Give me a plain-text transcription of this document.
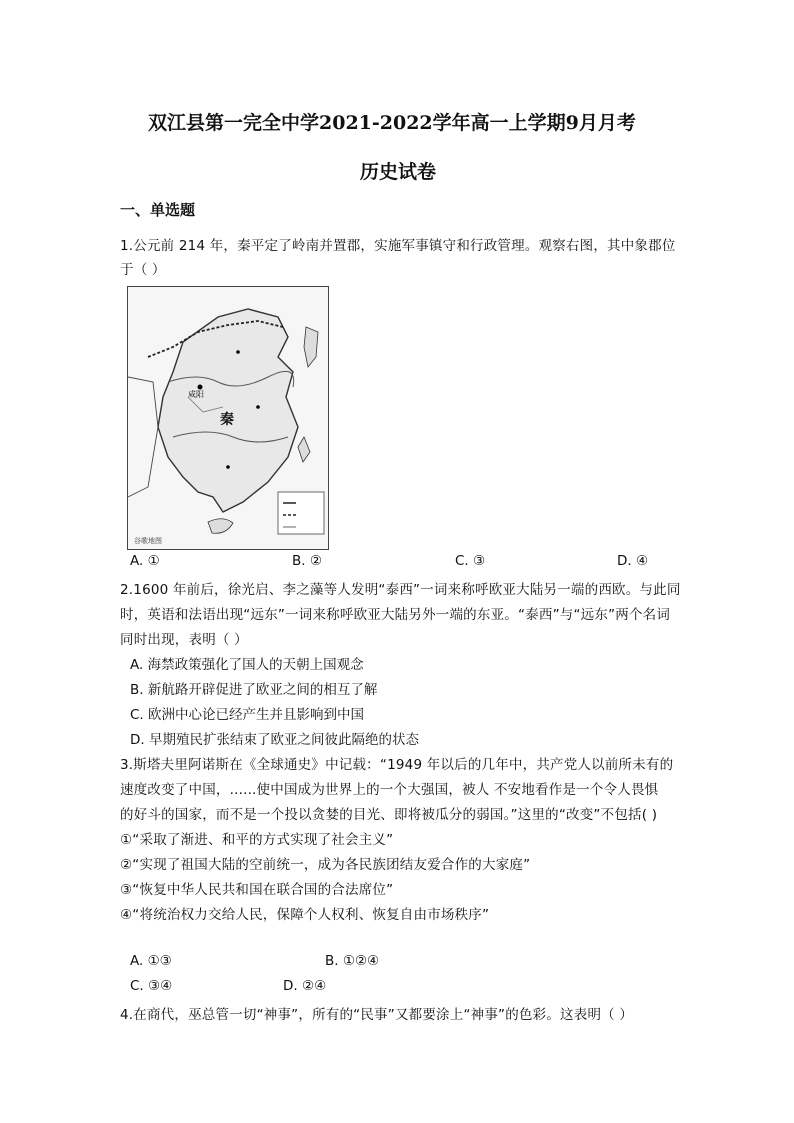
双江县第一完全中学2021-2022学年高一上学期9月月考
历史试卷
一、单选题
1.公元前 214 年，秦平定了岭南并置郡，实施军事镇守和行政管理。观察右图，其中象郡位
于（ ）
秦
咸阳
谷歌地图
A. ①	B. ②	C. ③	D. ④
2.1600 年前后，徐光启、李之藻等人发明“泰西”一词来称呼欧亚大陆另一端的西欧。与此同
时，英语和法语出现“远东”一词来称呼欧亚大陆另外一端的东亚。“泰西”与“远东”两个名词
同时出现，表明（ ）
A. 海禁政策强化了国人的天朝上国观念
B. 新航路开辟促进了欧亚之间的相互了解
C. 欧洲中心论已经产生并且影响到中国
D. 早期殖民扩张结束了欧亚之间彼此隔绝的状态
3.斯塔夫里阿诺斯在《全球通史》中记载：“1949 年以后的几年中，共产党人以前所未有的
速度改变了中国，......使中国成为世界上的一个大强国，被人 不安地看作是一个令人畏惧
的好斗的国家，而不是一个投以贪婪的目光、即将被瓜分的弱国。”这里的“改变”不包括( )
①“采取了渐进、和平的方式实现了社会主义”
②“实现了祖国大陆的空前统一，成为各民族团结友爱合作的大家庭”
③“恢复中华人民共和国在联合国的合法席位”
④“将统治权力交给人民，保障个人权利、恢复自由市场秩序”
A. ①③	B. ①②④
C. ③④	D. ②④
4.在商代，巫总管一切“神事”，所有的“民事”又都要涂上“神事”的色彩。这表明（ ）
